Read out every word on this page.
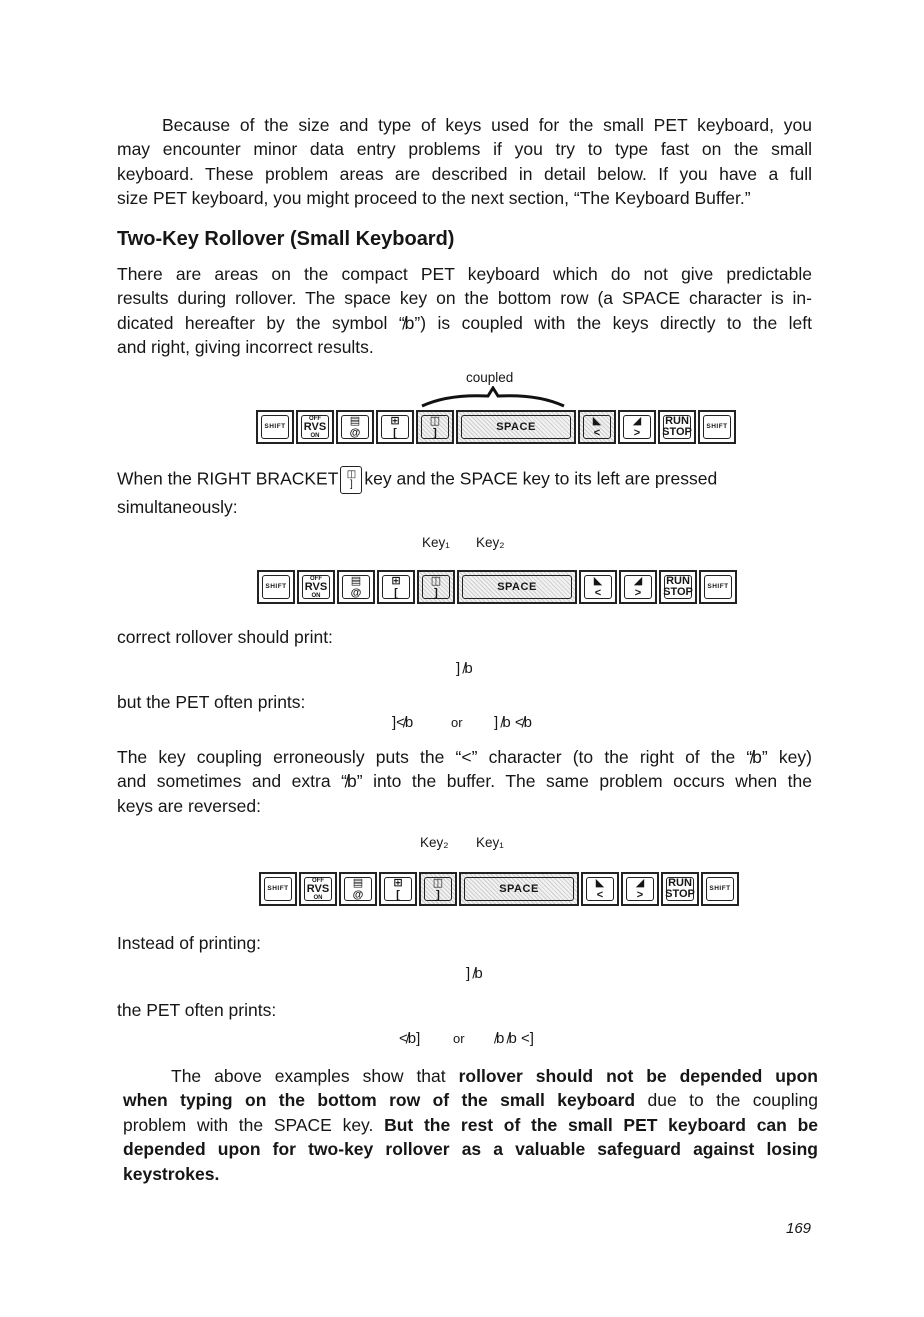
Because of the size and type of keys used for the small PET keyboard, you
may encounter minor data entry problems if you try to type fast on the small
keyboard. These problem areas are described in detail below. If you have a full
size PET keyboard, you might proceed to the next section, “The Keyboard Buffer.”

Two-Key Rollover (Small Keyboard)

There are areas on the compact PET keyboard which do not give predictable
results during rollover. The space key on the bottom row (a SPACE character is in-
dicated hereafter by the symbol “̸b”) is coupled with the keys directly to the left
and right, giving incorrect results.
coupled
SHIFT
OFF
RVS
ON
▤
@
⊞
[
◫
]	SPACE	◣
<
◢
>
RUN
STOP SHIFT

When the RIGHT BRACKET ◫
] key and the SPACE key to its left are pressed

simultaneously:

Key₁ Key₂
SHIFT
OFF
RVS
ON
▤
@
⊞
[
◫
]	SPACE	◣
<
◢
>
RUN
STOP SHIFT

correct rollover should print:

] ̸b

but the PET often prints:

]≮b	or ] ̸b ≮b
The key coupling erroneously puts the “<” character (to the right of the “̸b” key)
and sometimes and extra “̸b” into the buffer. The same problem occurs when the
keys are reversed:
Key₂ Key₁
SHIFT
OFF
RVS
ON
▤
@
⊞
[
◫
]	SPACE	◣
<
◢
>
RUN
STOP SHIFT

Instead of printing:

] ̸b

the PET often prints:

≮b]	or ̸b ̸b <]
The above examples show that rollover should not be depended upon
when typing on the bottom row of the small keyboard due to the coupling
problem with the SPACE key. But the rest of the small PET keyboard can be
depended upon for two-key rollover as a valuable safeguard against losing
keystrokes.
169
